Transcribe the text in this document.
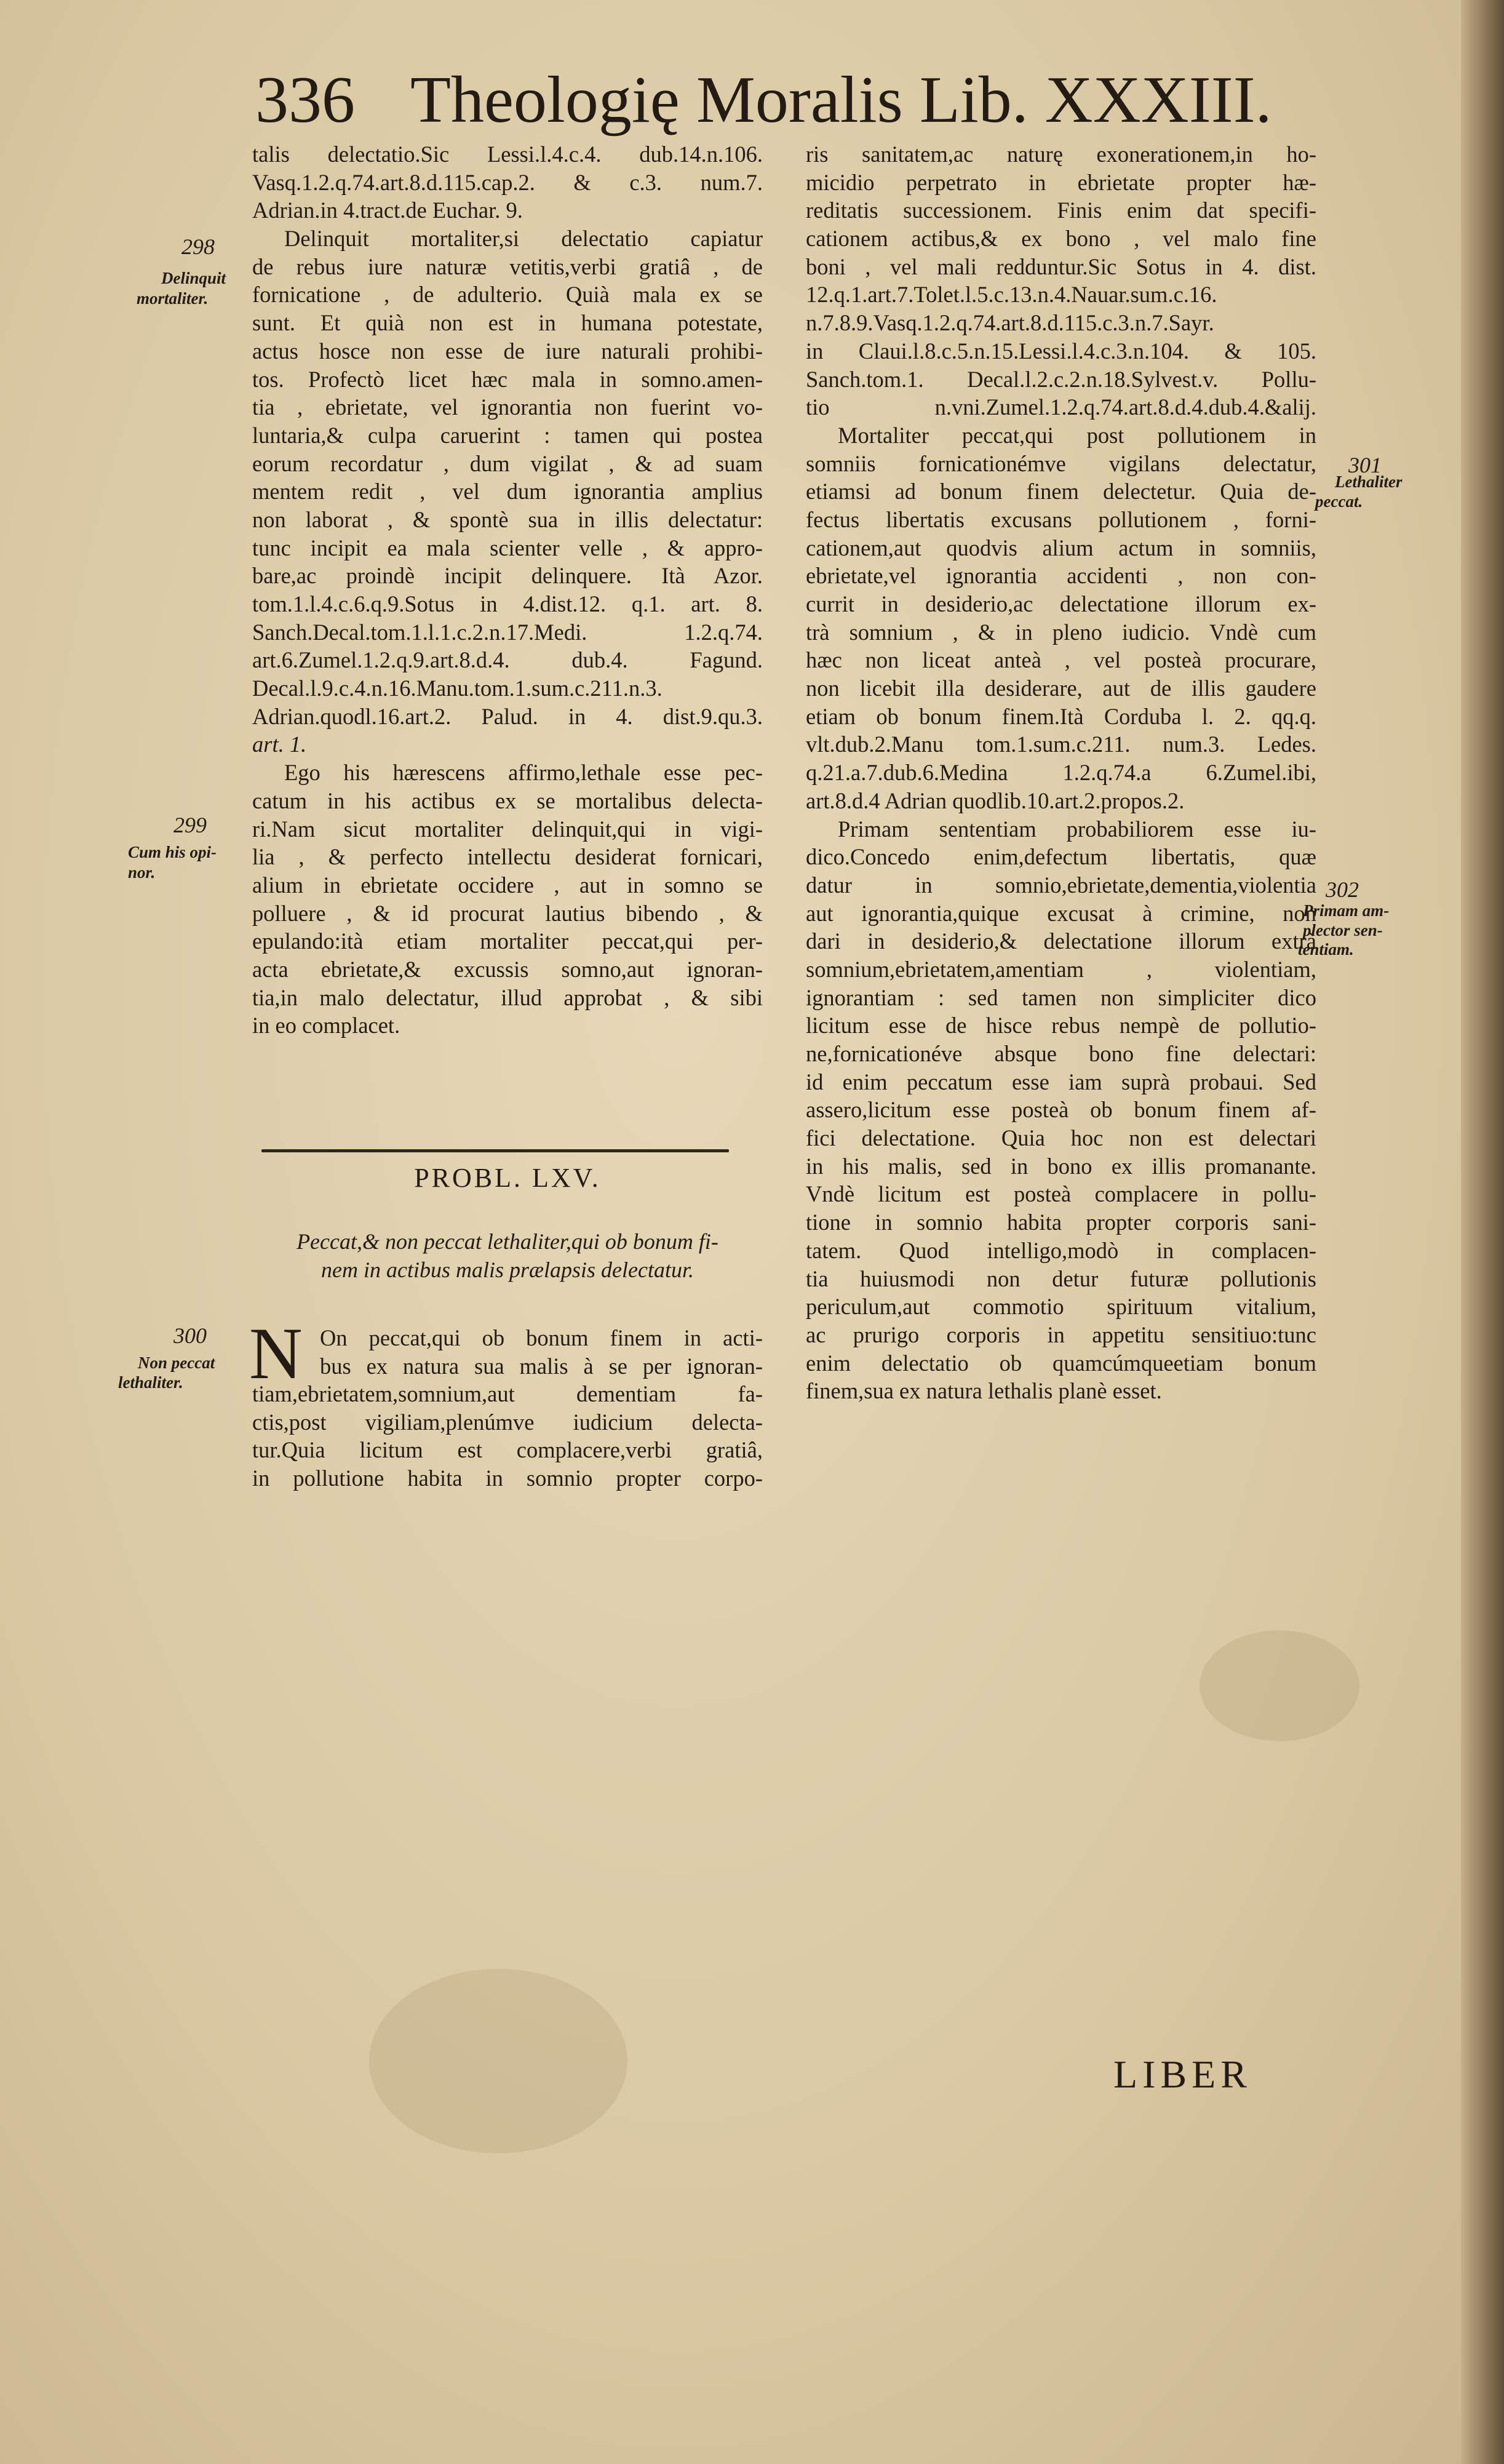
336 Theologię Moralis Lib. XXXIII.
talis delectatio.Sic Lessi.l.4.c.4. dub.14.n.106.
Vasq.1.2.q.74.art.8.d.115.cap.2. & c.3. num.7.
Adrian.in 4.tract.de Euchar. 9.
Delinquit mortaliter,si delectatio capiatur
de rebus iure naturæ vetitis,verbi gratiâ , de
fornicatione , de adulterio. Quià mala ex se
sunt. Et quià non est in humana potestate,
actus hosce non esse de iure naturali prohibi-
tos. Profectò licet hæc mala in somno.amen-
tia , ebrietate, vel ignorantia non fuerint vo-
luntaria,& culpa caruerint : tamen qui postea
eorum recordatur , dum vigilat , & ad suam
mentem redit , vel dum ignorantia amplius
non laborat , & spontè sua in illis delectatur:
tunc incipit ea mala scienter velle , & appro-
bare,ac proindè incipit delinquere. Ità Azor.
tom.1.l.4.c.6.q.9.Sotus in 4.dist.12. q.1. art. 8.
Sanch.Decal.tom.1.l.1.c.2.n.17.Medi. 1.2.q.74.
art.6.Zumel.1.2.q.9.art.8.d.4. dub.4. Fagund.
Decal.l.9.c.4.n.16.Manu.tom.1.sum.c.211.n.3.
Adrian.quodl.16.art.2. Palud. in 4. dist.9.qu.3.
art. 1.
Ego his hærescens affirmo,lethale esse pec-
catum in his actibus ex se mortalibus delecta-
ri.Nam sicut mortaliter delinquit,qui in vigi-
lia , & perfecto intellectu desiderat fornicari,
alium in ebrietate occidere , aut in somno se
polluere , & id procurat lautius bibendo , &
epulando:ità etiam mortaliter peccat,qui per-
acta ebrietate,& excussis somno,aut ignoran-
tia,in malo delectatur, illud approbat , & sibi
in eo complacet.
PROBL. LXV.
Peccat,& non peccat lethaliter,qui ob bonum fi-
nem in actibus malis prælapsis delectatur.
N On peccat,qui ob bonum finem in acti-
bus ex natura sua malis à se per ignoran-
tiam,ebrietatem,somnium,aut dementiam fa-
ctis,post vigiliam,plenúmve iudicium delecta-
tur.Quia licitum est complacere,verbi gratiâ,
in pollutione habita in somnio propter corpo-
ris sanitatem,ac naturę exonerationem,in ho-
micidio perpetrato in ebrietate propter hæ-
reditatis successionem. Finis enim dat specifi-
cationem actibus,& ex bono , vel malo fine
boni , vel mali redduntur.Sic Sotus in 4. dist.
12.q.1.art.7.Tolet.l.5.c.13.n.4.Nauar.sum.c.16.
n.7.8.9.Vasq.1.2.q.74.art.8.d.115.c.3.n.7.Sayr.
in Claui.l.8.c.5.n.15.Lessi.l.4.c.3.n.104. & 105.
Sanch.tom.1. Decal.l.2.c.2.n.18.Sylvest.v. Pollu-
tio n.vni.Zumel.1.2.q.74.art.8.d.4.dub.4.&alij.
Mortaliter peccat,qui post pollutionem in
somniis fornicationémve vigilans delectatur,
etiamsi ad bonum finem delectetur. Quia de-
fectus libertatis excusans pollutionem , forni-
cationem,aut quodvis alium actum in somniis,
ebrietate,vel ignorantia accidenti , non con-
currit in desiderio,ac delectatione illorum ex-
trà somnium , & in pleno iudicio. Vndè cum
hæc non liceat anteà , vel posteà procurare,
non licebit illa desiderare, aut de illis gaudere
etiam ob bonum finem.Ità Corduba l. 2. qq.q.
vlt.dub.2.Manu tom.1.sum.c.211. num.3. Ledes.
q.21.a.7.dub.6.Medina 1.2.q.74.a 6.Zumel.ibi,
art.8.d.4 Adrian quodlib.10.art.2.propos.2.
Primam sententiam probabiliorem esse iu-
dico.Concedo enim,defectum libertatis, quæ
datur in somnio,ebrietate,dementia,violentia
aut ignorantia,quique excusat à crimine, non
dari in desiderio,& delectatione illorum extrà
somnium,ebrietatem,amentiam , violentiam,
ignorantiam : sed tamen non simpliciter dico
licitum esse de hisce rebus nempè de pollutio-
ne,fornicationéve absque bono fine delectari:
id enim peccatum esse iam suprà probaui. Sed
assero,licitum esse posteà ob bonum finem af-
fici delectatione. Quia hoc non est delectari
in his malis, sed in bono ex illis promanante.
Vndè licitum est posteà complacere in pollu-
tione in somnio habita propter corporis sani-
tatem. Quod intelligo,modò in complacen-
tia huiusmodi non detur futuræ pollutionis
periculum,aut commotio spirituum vitalium,
ac prurigo corporis in appetitu sensitiuo:tunc
enim delectatio ob quamcúmqueetiam bonum
finem,sua ex natura lethalis planè esset.
298
Delinquit
mortaliter.
299
Cum his opi-
nor.
300
Non peccat
lethaliter.
301
Lethaliter
peccat.
302
Primam am-
plector sen-
tentiam.
LIBER
